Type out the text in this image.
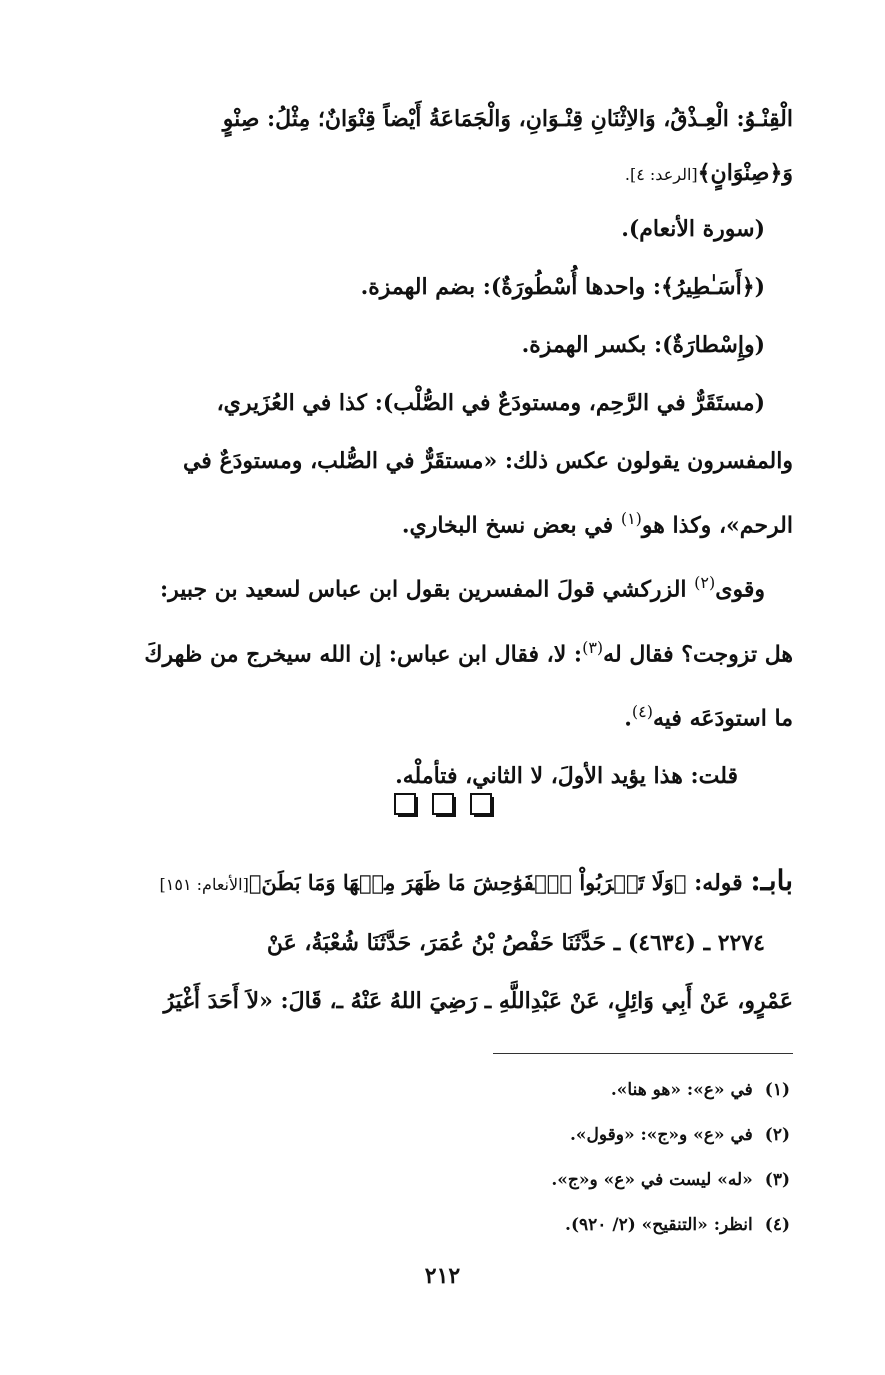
الْقِنْـوُ: الْعِـذْقُ، وَالاِثْنَانِ قِنْـوَانِ، وَالْجَمَاعَةُ أَيْضاً قِنْوَانٌ؛ مِثْلُ: صِنْوٍ
وَ﴿صِنْوَانٍ﴾[الرعد: ٤].
(سورة الأنعام).
(﴿أَسَـٰطِيرُ﴾: واحدها أُسْطُورَةٌ): بضم الهمزة.
(وإِسْطارَةٌ): بكسر الهمزة.
(مستَقَرٌّ في الرَّحِم، ومستودَعٌ في الصُّلْب): كذا في العُزَيري،
والمفسرون يقولون عكس ذلك: «مستقَرٌّ في الصُّلب، ومستودَعٌ في
الرحم»، وكذا هو$^{(١)}$ في بعض نسخ البخاري.
وقوى$^{(٢)}$ الزركشي قولَ المفسرين بقول ابن عباس لسعيد بن جبير:
هل تزوجت؟ فقال له$^{(٣)}$: لا، فقال ابن عباس: إن الله سيخرج من ظهركَ
ما استودَعَه فيه$^{(٤)}$.
قلت: هذا يؤيد الأولَ، لا الثاني، فتأملْه.
بابـ: قوله: ﴿وَلَا تَقۡرَبُواْ ٱلۡفَوَٰحِشَ مَا ظَهَرَ مِنۡهَا وَمَا بَطَنَ﴾[الأنعام: ١٥١]
٢٢٧٤ ـ (٤٦٣٤) ـ حَدَّثَنَا حَفْصُ بْنُ عُمَرَ، حَدَّثَنَا شُعْبَةُ، عَنْ
عَمْرٍو، عَنْ أَبِي وَائِلٍ، عَنْ عَبْدِاللَّهِ ـ رَضِيَ اللهُ عَنْهُ ـ، قَالَ: «لاَ أَحَدَ أَغْيَرُ
(١)في «ع»: «هو هنا».
(٢)في «ع» و«ج»: «وقول».
(٣)«له» ليست في «ع» و«ج».
(٤)انظر: «التنقيح» (٢/ ٩٢٠).
٢١٢
